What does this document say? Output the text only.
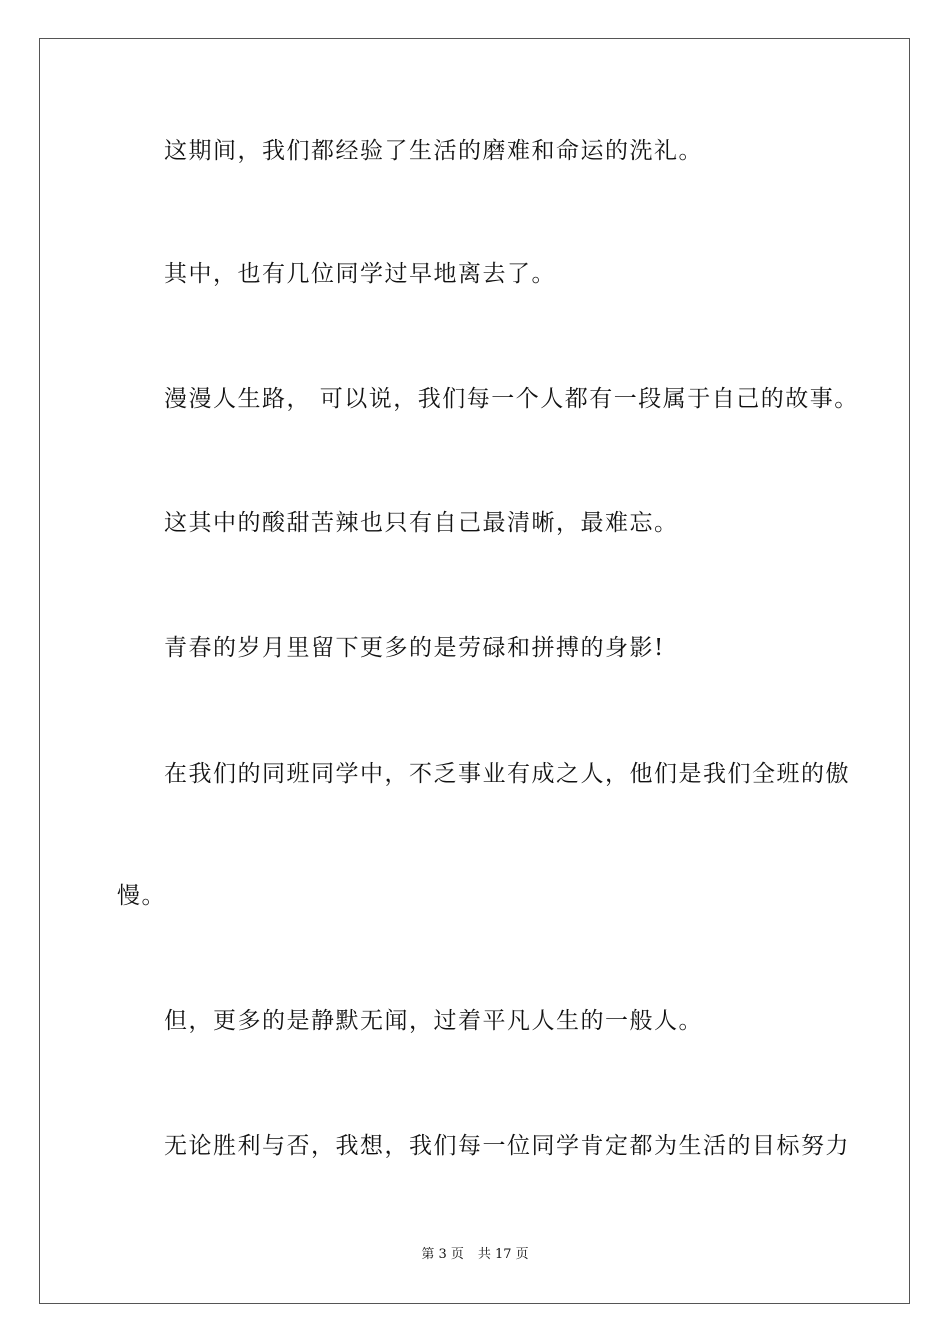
这期间，我们都经验了生活的磨难和命运的洗礼。
其中，也有几位同学过早地离去了。
漫漫人生路， 可以说，我们每一个人都有一段属于自己的故事。
这其中的酸甜苦辣也只有自己最清晰，最难忘。
青春的岁月里留下更多的是劳碌和拼搏的身影!
在我们的同班同学中，不乏事业有成之人，他们是我们全班的傲
慢。
但，更多的是静默无闻，过着平凡人生的一般人。
无论胜利与否，我想，我们每一位同学肯定都为生活的目标努力
第 3 页 共 17 页
